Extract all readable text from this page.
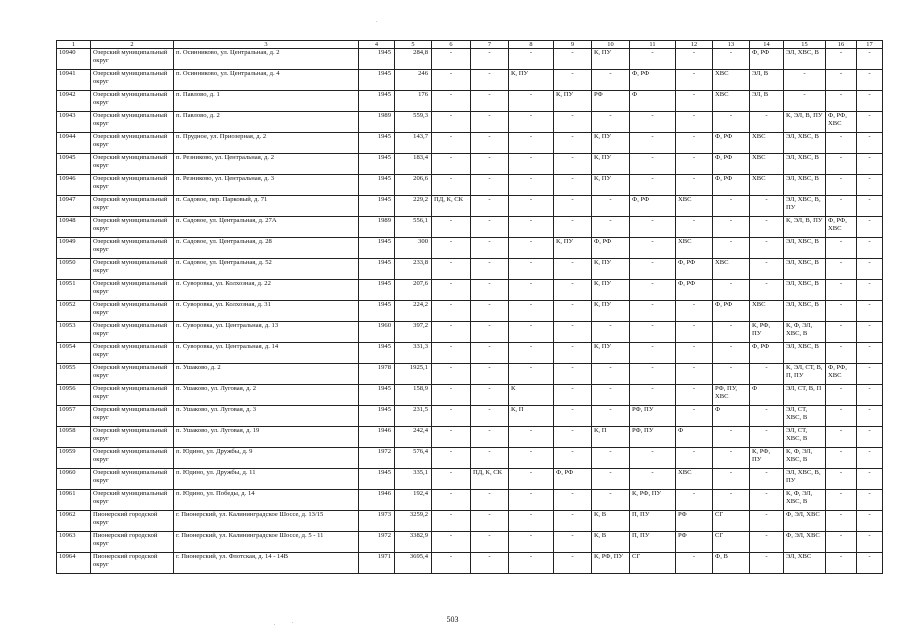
1	2	3	4	5	6	7	8	9	10	11	12	13	14	15	16	17
10940	Озерский муниципальный округ	п. Осинниково, ул. Центральная, д. 2	1945	284,8	-	-	-	-	К, ПУ	-	-	-	Ф, РФ	ЭЛ, ХВС, В	-	-
10941	Озерский муниципальный округ	п. Осинниково, ул. Центральная, д. 4	1945	246	-	-	К, ПУ	-	-	Ф, РФ	-	ХВС	ЭЛ, В	-	-	-
10942	Озерский муниципальный округ	п. Павлово, д. 1	1945	176	-	-	-	К, ПУ	РФ	Ф	-	ХВС	ЭЛ, В	-	-	-
10943	Озерский муниципальный округ	п. Павлово, д. 2	1989	559,3	-	-	-	-	-	-	-	-	-	К, ЭЛ, В, ПУ	Ф, РФ, ХВС	-
10944	Озерский муниципальный округ	п. Прудное, ул. Приозерная, д. 2	1945	143,7	-	-	-	-	К, ПУ	-	-	Ф, РФ	ХВС	ЭЛ, ХВС, В	-	-
10945	Озерский муниципальный округ	п. Резниково, ул. Центральная, д. 2	1945	183,4	-	-	-	-	К, ПУ	-	-	Ф, РФ	ХВС	ЭЛ, ХВС, В	-	-
10946	Озерский муниципальный округ	п. Резниково, ул. Центральная, д. 3	1945	206,6	-	-	-	-	К, ПУ	-	-	Ф, РФ	ХВС	ЭЛ, ХВС, В	-	-
10947	Озерский муниципальный округ	п. Садовое, пер. Парковый, д. 71	1945	229,2	ПД, К, СК	-	-	-	-	Ф, РФ	ХВС	-	-	ЭЛ, ХВС, В, ПУ	-	-
10948	Озерский муниципальный округ	п. Садовое, ул. Центральная, д. 27А	1989	556,1	-	-	-	-	-	-	-	-	-	К, ЭЛ, В, ПУ	Ф, РФ, ХВС	-
10949	Озерский муниципальный округ	п. Садовое, ул. Центральная, д. 28	1945	300	-	-	-	К, ПУ	Ф, РФ	-	ХВС	-	-	ЭЛ, ХВС, В	-	-
10950	Озерский муниципальный округ	п. Садовое, ул. Центральная, д. 52	1945	233,8	-	-	-	-	К, ПУ	-	Ф, РФ	ХВС	-	ЭЛ, ХВС, В	-	-
10951	Озерский муниципальный округ	п. Суворовка, ул. Колхозная, д. 22	1945	207,6	-	-	-	-	К, ПУ	-	Ф, РФ	-	-	ЭЛ, ХВС, В	-	-
10952	Озерский муниципальный округ	п. Суворовка, ул. Колхозная, д. 31	1945	224,2	-	-	-	-	К, ПУ	-	-	Ф, РФ	ХВС	ЭЛ, ХВС, В	-	-
10953	Озерский муниципальный округ	п. Суворовка, ул. Центральная, д. 13	1960	397,2	-	-	-	-	-	-	-	-	К, РФ, ПУ	К, Ф, ЭЛ, ХВС, В	-	-
10954	Озерский муниципальный округ	п. Суворовка, ул. Центральная, д. 14	1945	331,3	-	-	-	-	К, ПУ	-	-	-	Ф, РФ	ЭЛ, ХВС, В	-	-
10955	Озерский муниципальный округ	п. Ушаково, д. 2	1978	1925,1	-	-	-	-	-	-	-	-	-	К, ЭЛ, СТ, В, П, ПУ	Ф, РФ, ХВС	-
10956	Озерский муниципальный округ	п. Ушаково, ул. Луговая, д. 2	1945	158,9	-	-	К	-	-	-	-	РФ, ПУ, ХВС	Ф	ЭЛ, СТ, В, П	-	-
10957	Озерский муниципальный округ	п. Ушаково, ул. Луговая, д. 3	1945	231,5	-	-	К, П	-	-	РФ, ПУ	-	Ф	-	ЭЛ, СТ, ХВС, В	-	-
10958	Озерский муниципальный округ	п. Ушаково, ул. Луговая, д. 19	1946	242,4	-	-	-	-	К, П	РФ, ПУ	Ф	-	-	ЭЛ, СТ, ХВС, В	-	-
10959	Озерский муниципальный округ	п. Юдино, ул. Дружбы, д. 9	1972	576,4	-	-	-	-	-	-	-	-	К, РФ, ПУ	К, Ф, ЭЛ, ХВС, В	-	-
10960	Озерский муниципальный округ	п. Юдино, ул. Дружбы, д. 11	1945	335,1	-	ПД, К, СК	-	Ф, РФ	-	-	ХВС	-	-	ЭЛ, ХВС, В, ПУ	-	-
10961	Озерский муниципальный округ	п. Юдино, ул. Победы, д. 14	1946	192,4	-	-	-	-	-	К, РФ, ПУ	-	-	-	К, Ф, ЭЛ, ХВС, В	-	-
10962	Пионерский городской округ	г. Пионерский, ул. Калининградское Шоссе, д. 13/15	1973	3259,2	-	-	-	-	К, В	П, ПУ	РФ	СГ	-	Ф, ЭЛ, ХВС	-	-
10963	Пионерский городской округ	г. Пионерский, ул. Калининградское Шоссе, д. 5 - 11	1972	3382,9	-	-	-	-	К, В	П, ПУ	РФ	СГ	-	Ф, ЭЛ, ХВС	-	-
10964	Пионерский городской округ	г. Пионерский, ул. Флотская, д. 14 - 14В	1971	3695,4	-	-	-	-	К, РФ, ПУ	СГ	-	Ф, В	-	ЭЛ, ХВС	-	-
503
.
.	.
